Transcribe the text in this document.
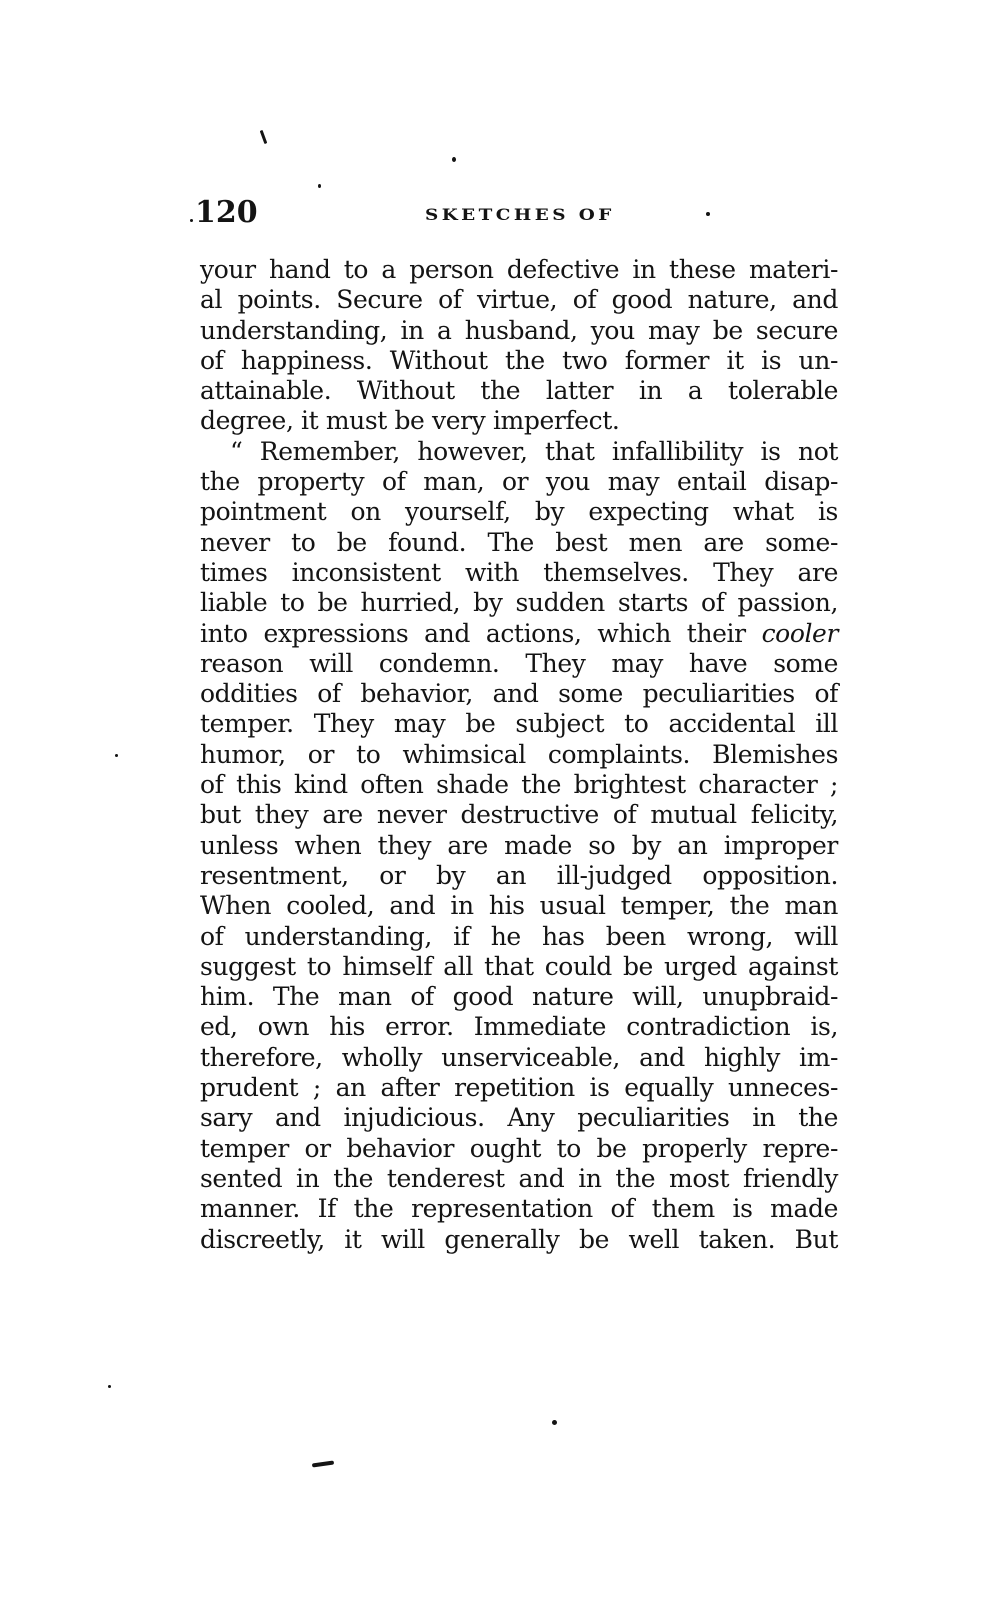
120	SKETCHES OF
your hand to a person defective in these materi-
al points. Secure of virtue, of good nature, and
understanding, in a husband, you may be secure
of happiness. Without the two former it is un-
attainable. Without the latter in a tolerable
degree, it must be very imperfect.
“ Remember, however, that infallibility is not
the property of man, or you may entail disap-
pointment on yourself, by expecting what is
never to be found. The best men are some-
times inconsistent with themselves. They are
liable to be hurried, by sudden starts of passion,
into expressions and actions, which their cooler
reason will condemn. They may have some
oddities of behavior, and some peculiarities of
temper. They may be subject to accidental ill
humor, or to whimsical complaints. Blemishes
of this kind often shade the brightest character ;
but they are never destructive of mutual felicity,
unless when they are made so by an improper
resentment, or by an ill-judged opposition.
When cooled, and in his usual temper, the man
of understanding, if he has been wrong, will
suggest to himself all that could be urged against
him. The man of good nature will, unupbraid-
ed, own his error. Immediate contradiction is,
therefore, wholly unserviceable, and highly im-
prudent ; an after repetition is equally unneces-
sary and injudicious. Any peculiarities in the
temper or behavior ought to be properly repre-
sented in the tenderest and in the most friendly
manner. If the representation of them is made
discreetly, it will generally be well taken. But
